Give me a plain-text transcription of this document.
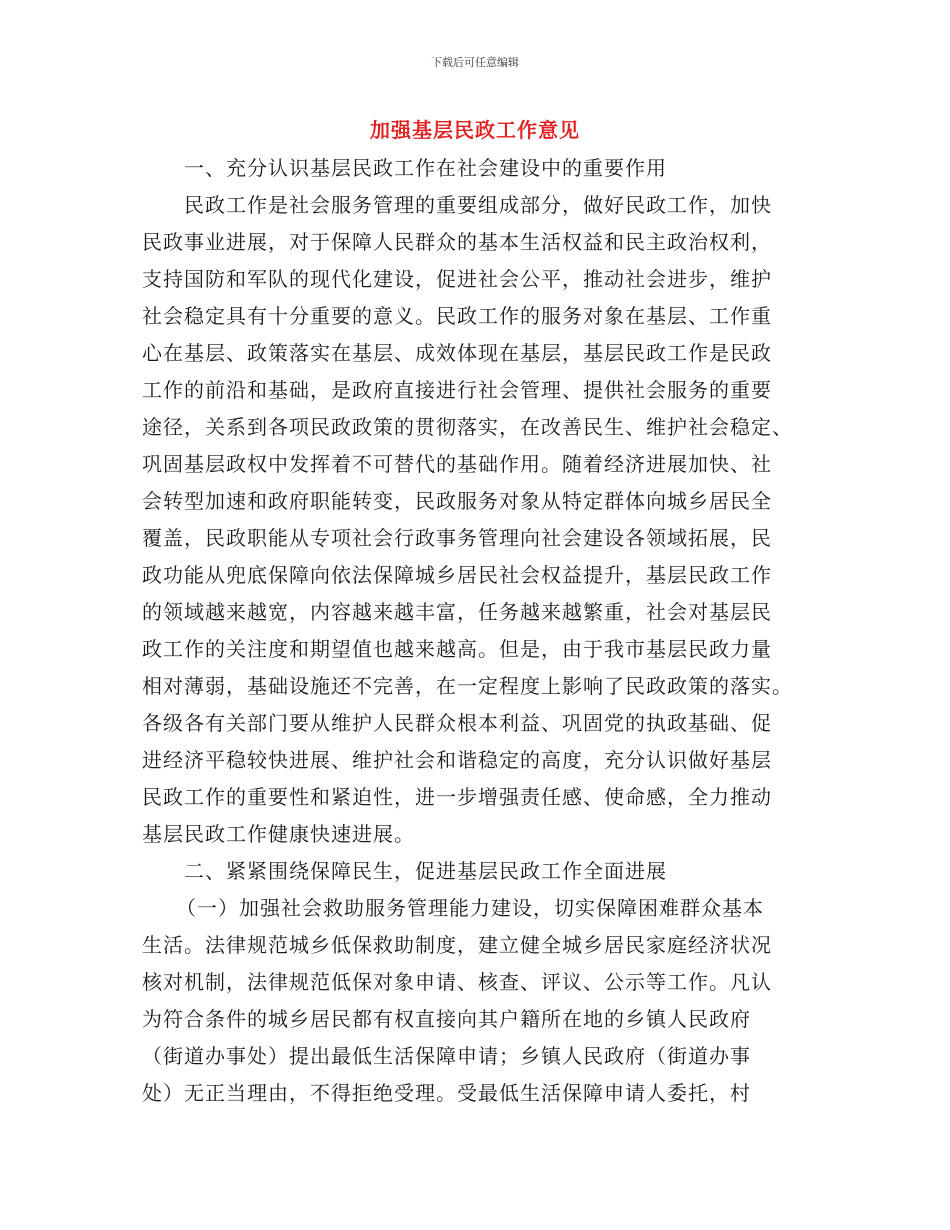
下载后可任意编辑
加强基层民政工作意见
一、充分认识基层民政工作在社会建设中的重要作用
民政工作是社会服务管理的重要组成部分，做好民政工作，加快
民政事业进展，对于保障人民群众的基本生活权益和民主政治权利，
支持国防和军队的现代化建设，促进社会公平，推动社会进步，维护
社会稳定具有十分重要的意义。民政工作的服务对象在基层、工作重
心在基层、政策落实在基层、成效体现在基层，基层民政工作是民政
工作的前沿和基础，是政府直接进行社会管理、提供社会服务的重要
途径，关系到各项民政政策的贯彻落实，在改善民生、维护社会稳定、
巩固基层政权中发挥着不可替代的基础作用。随着经济进展加快、社
会转型加速和政府职能转变，民政服务对象从特定群体向城乡居民全
覆盖，民政职能从专项社会行政事务管理向社会建设各领域拓展，民
政功能从兜底保障向依法保障城乡居民社会权益提升，基层民政工作
的领域越来越宽，内容越来越丰富，任务越来越繁重，社会对基层民
政工作的关注度和期望值也越来越高。但是，由于我市基层民政力量
相对薄弱，基础设施还不完善，在一定程度上影响了民政政策的落实。
各级各有关部门要从维护人民群众根本利益、巩固党的执政基础、促
进经济平稳较快进展、维护社会和谐稳定的高度，充分认识做好基层
民政工作的重要性和紧迫性，进一步增强责任感、使命感，全力推动
基层民政工作健康快速进展。
二、紧紧围绕保障民生，促进基层民政工作全面进展
（一）加强社会救助服务管理能力建设，切实保障困难群众基本
生活。法律规范城乡低保救助制度，建立健全城乡居民家庭经济状况
核对机制，法律规范低保对象申请、核查、评议、公示等工作。凡认
为符合条件的城乡居民都有权直接向其户籍所在地的乡镇人民政府
（街道办事处）提出最低生活保障申请；乡镇人民政府（街道办事
处）无正当理由，不得拒绝受理。受最低生活保障申请人委托，村
